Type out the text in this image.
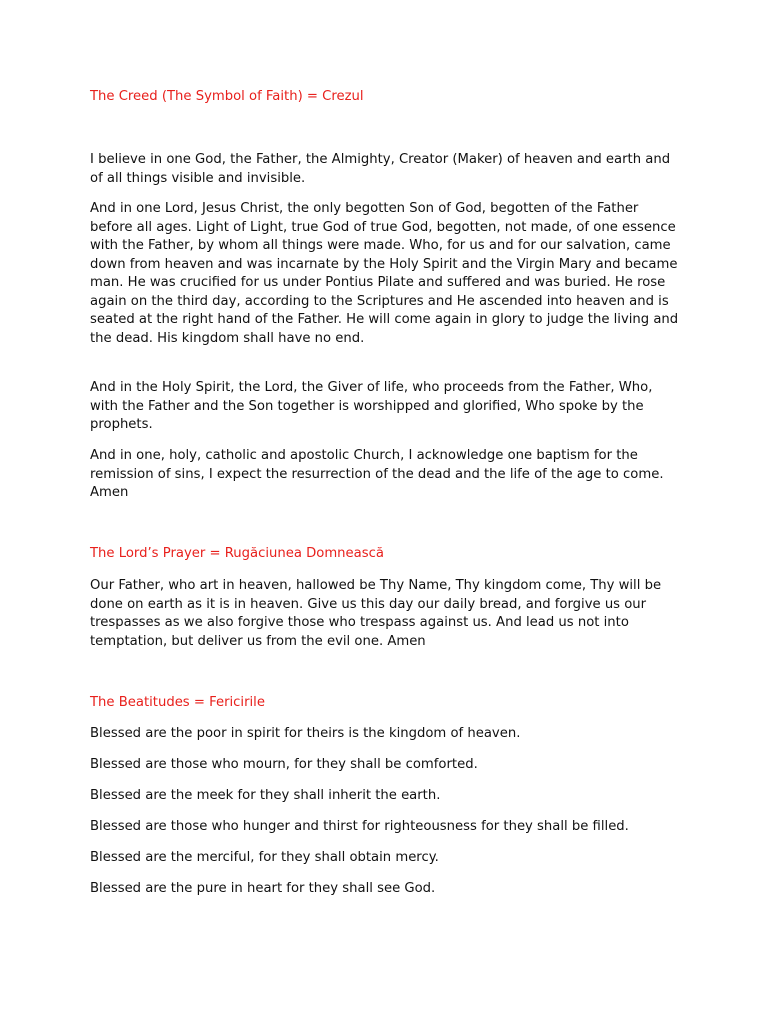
The Creed (The Symbol of Faith) = Crezul

I believe in one God, the Father, the Almighty, Creator (Maker) of heaven and earth and of all things visible and invisible.

And in one Lord, Jesus Christ, the only begotten Son of God, begotten of the Father before all ages. Light of Light, true God of true God, begotten, not made, of one essence with the Father, by whom all things were made. Who, for us and for our salvation, came down from heaven and was incarnate by the Holy Spirit and the Virgin Mary and became man. He was crucified for us under Pontius Pilate and suffered and was buried. He rose again on the third day, according to the Scriptures and He ascended into heaven and is seated at the right hand of the Father. He will come again in glory to judge the living and the dead. His kingdom shall have no end.

And in the Holy Spirit, the Lord, the Giver of life, who proceeds from the Father, Who, with the Father and the Son together is worshipped and glorified, Who spoke by the prophets.

And in one, holy, catholic and apostolic Church, I acknowledge one baptism for the remission of sins, I expect the resurrection of the dead and the life of the age to come. Amen

The Lord’s Prayer = Rugăciunea Domnească

Our Father, who art in heaven, hallowed be Thy Name, Thy kingdom come, Thy will be done on earth as it is in heaven. Give us this day our daily bread, and forgive us our trespasses as we also forgive those who trespass against us. And lead us not into temptation, but deliver us from the evil one. Amen

The Beatitudes = Fericirile

Blessed are the poor in spirit for theirs is the kingdom of heaven.

Blessed are those who mourn, for they shall be comforted.

Blessed are the meek for they shall inherit the earth.

Blessed are those who hunger and thirst for righteousness for they shall be filled.

Blessed are the merciful, for they shall obtain mercy.

Blessed are the pure in heart for they shall see God.
